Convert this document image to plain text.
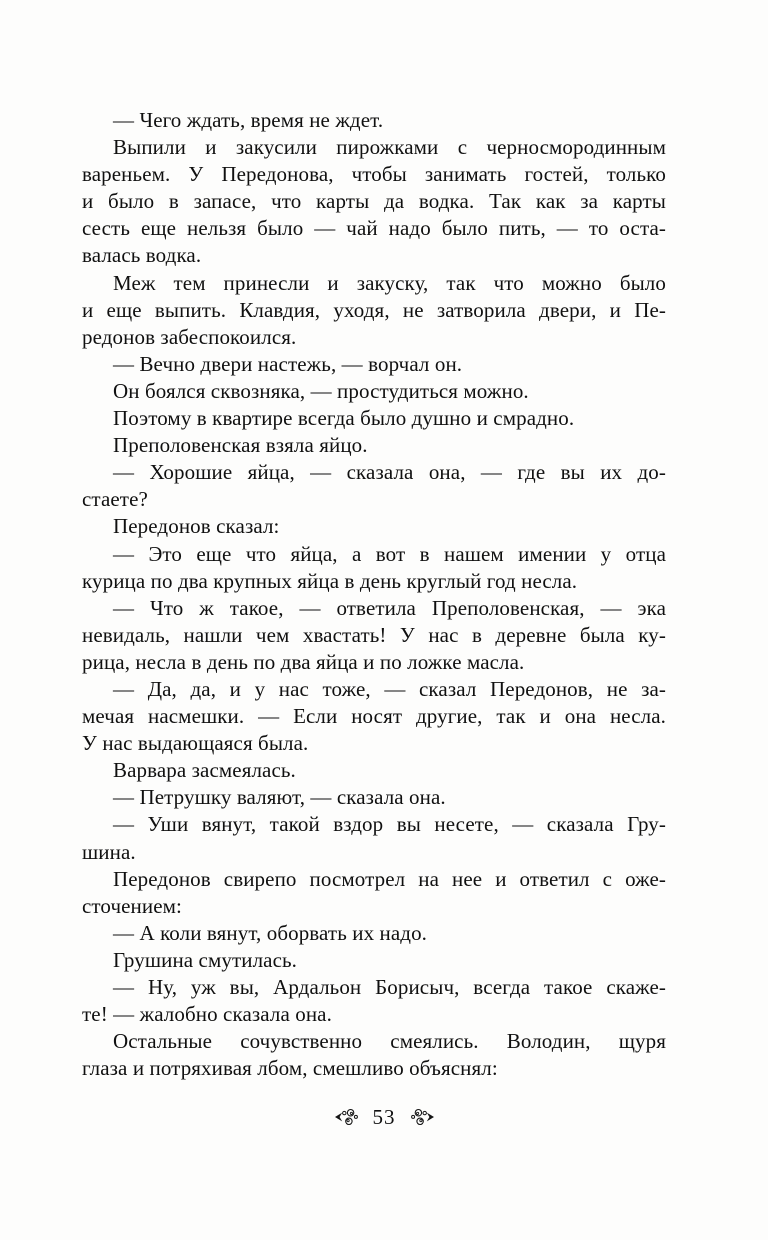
— Чего ждать, время не ждет.
Выпили и закусили пирожками с черносмородинным
вареньем. У Передонова, чтобы занимать гостей, только
и было в запасе, что карты да водка. Так как за карты
сесть еще нельзя было — чай надо было пить, — то оста-
валась водка.
Меж тем принесли и закуску, так что можно было
и еще выпить. Клавдия, уходя, не затворила двери, и Пе-
редонов забеспокоился.
— Вечно двери настежь, — ворчал он.
Он боялся сквозняка, — простудиться можно.
Поэтому в квартире всегда было душно и смрадно.
Преполовенская взяла яйцо.
— Хорошие яйца, — сказала она, — где вы их до-
стаете?
Передонов сказал:
— Это еще что яйца, а вот в нашем имении у отца
курица по два крупных яйца в день круглый год несла.
— Что ж такое, — ответила Преполовенская, — эка
невидаль, нашли чем хвастать! У нас в деревне была ку-
рица, несла в день по два яйца и по ложке масла.
— Да, да, и у нас тоже, — сказал Передонов, не за-
мечая насмешки. — Если носят другие, так и она несла.
У нас выдающаяся была.
Варвара засмеялась.
— Петрушку валяют, — сказала она.
— Уши вянут, такой вздор вы несете, — сказала Гру-
шина.
Передонов свирепо посмотрел на нее и ответил с оже-
сточением:
— А коли вянут, оборвать их надо.
Грушина смутилась.
— Ну, уж вы, Ардальон Борисыч, всегда такое скаже-
те! — жалобно сказала она.
Остальные сочувственно смеялись. Володин, щуря
глаза и потряхивая лбом, смешливо объяснял:
53
